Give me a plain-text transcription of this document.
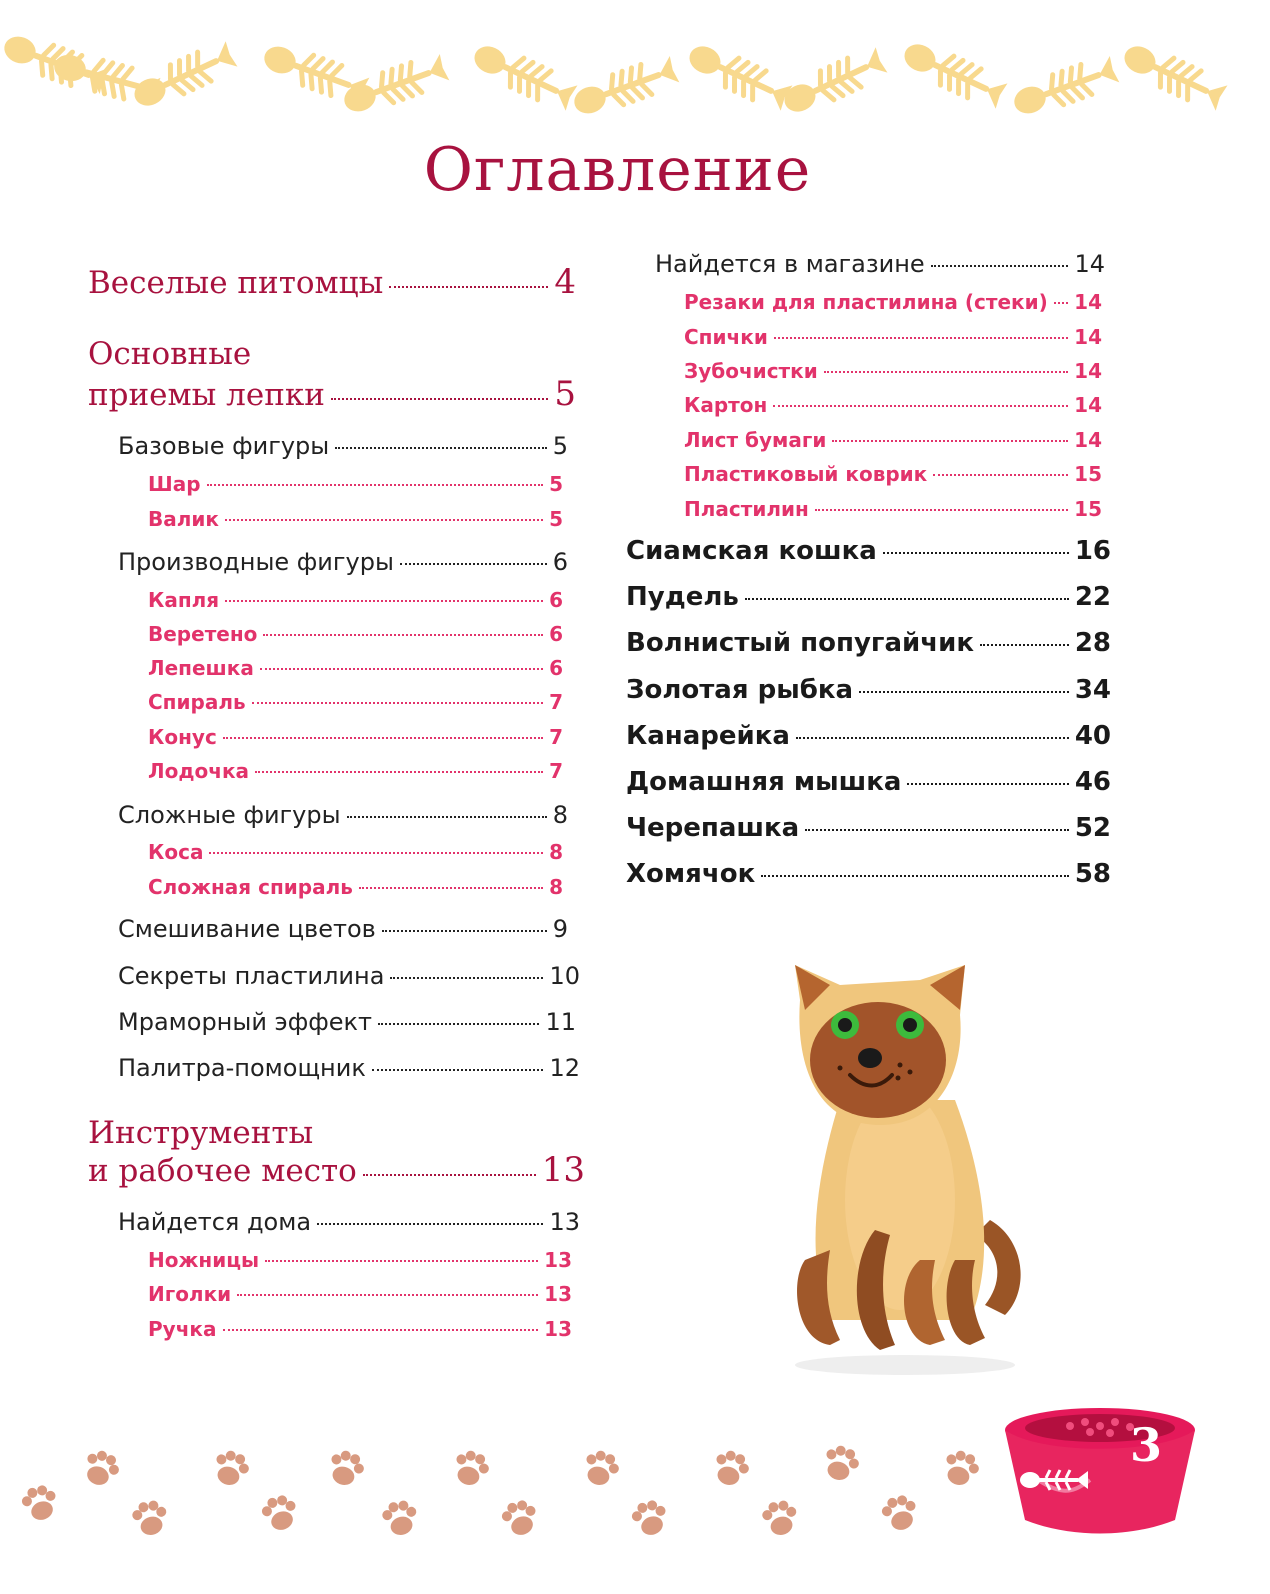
Оглавление
Веселые питомцы	4
Основные
приемы лепки	5
Базовые фигуры	5
Шар	5
Валик	5
Производные фигуры	6
Капля	6
Веретено	6
Лепешка	6
Спираль	7
Конус	7
Лодочка	7
Сложные фигуры	8
Коса	8
Сложная спираль	8
Смешивание цветов	9
Секреты пластилина	10
Мраморный эффект	11
Палитра-помощник	12
Инструменты
и рабочее место	13
Найдется дома	13
Ножницы	13
Иголки	13
Ручка	13
Найдется в магазине	14
Резаки для пластилина (стеки) 14
Спички	14
Зубочистки	14
Картон	14
Лист бумаги	14
Пластиковый коврик	15
Пластилин	15
Сиамская кошка	16
Пудель	22
Волнистый попугайчик	28
Золотая рыбка	34
Канарейка	40
Домашняя мышка	46
Черепашка	52
Хомячок	58
3
